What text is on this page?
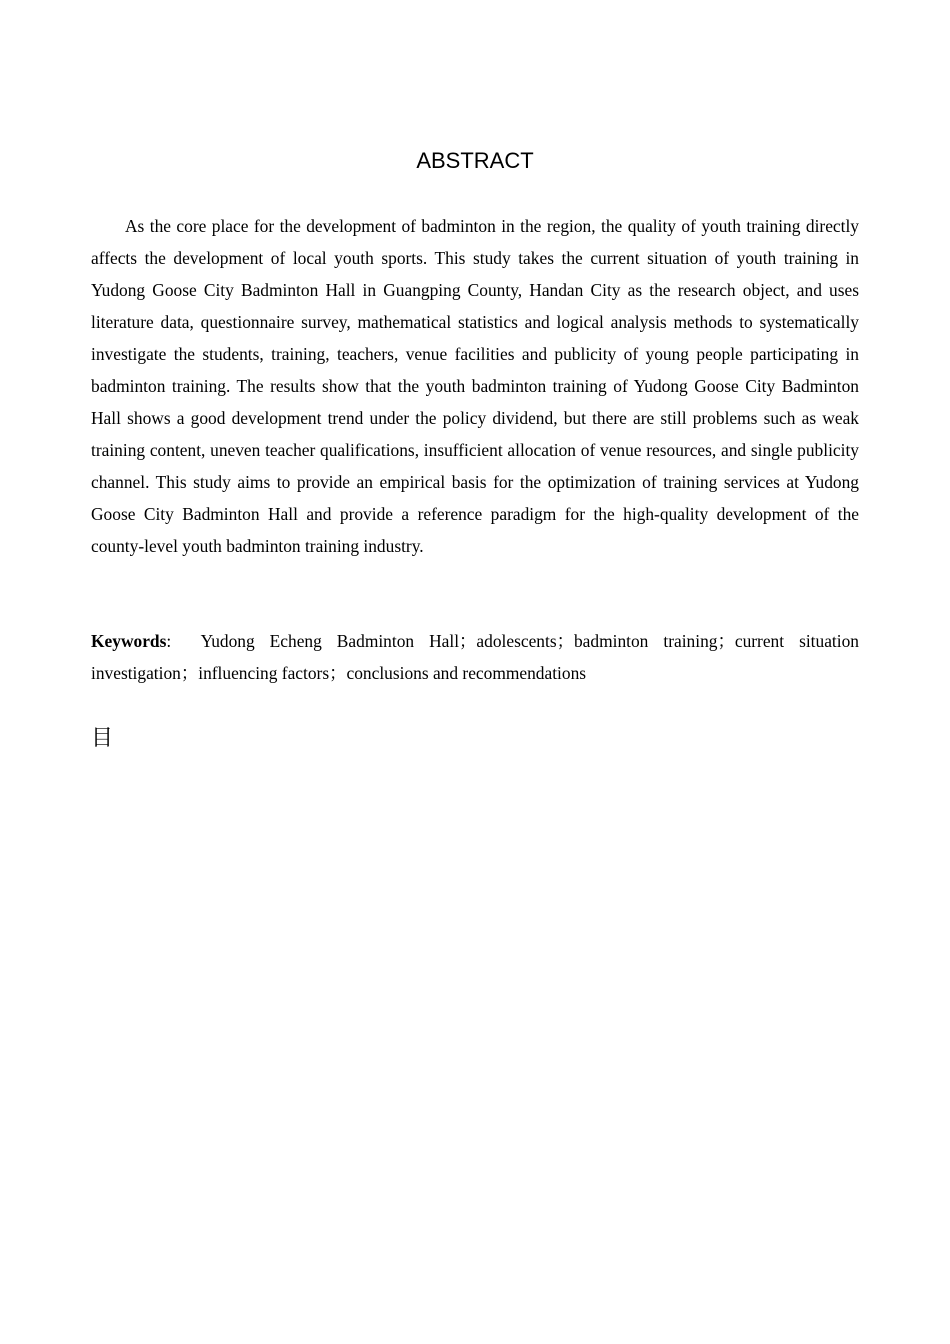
ABSTRACT

As the core place for the development of badminton in the region, the quality of youth training directly affects the development of local youth sports. This study takes the current situation of youth training in Yudong Goose City Badminton Hall in Guangping County, Handan City as the research object, and uses literature data, questionnaire survey, mathematical statistics and logical analysis methods to systematically investigate the students, training, teachers, venue facilities and publicity of young people participating in badminton training. The results show that the youth badminton training of Yudong Goose City Badminton Hall shows a good development trend under the policy dividend, but there are still problems such as weak training content, uneven teacher qualifications, insufficient allocation of venue resources, and single publicity channel. This study aims to provide an empirical basis for the optimization of training services at Yudong Goose City Badminton Hall and provide a reference paradigm for the high-quality development of the county-level youth badminton training industry.

Keywords: Yudong Echeng Badminton Hall；adolescents；badminton training；current situation investigation；influencing factors；conclusions and recommendations

目
